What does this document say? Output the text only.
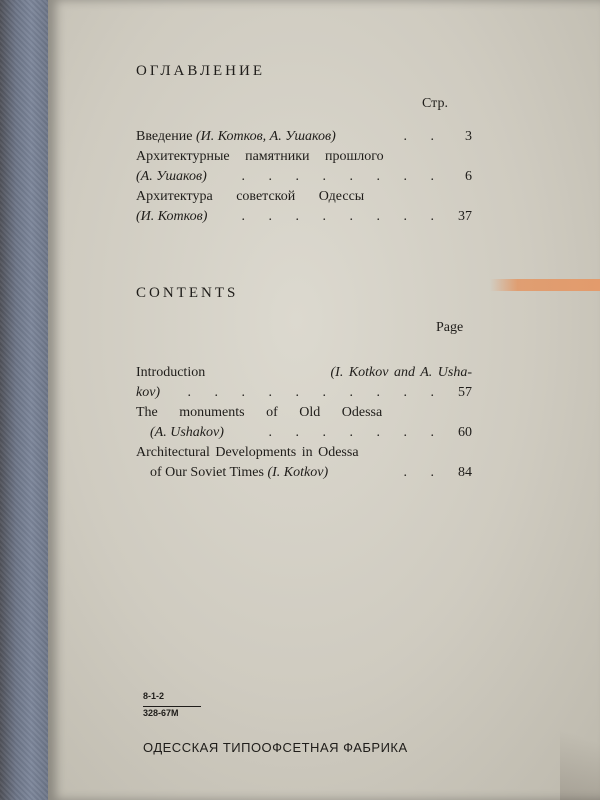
ОГЛАВЛЕНИЕ

Стр.

Введение
(И. Котков, А. Ушаков)	. .	3
Архитектурные памятники прошлого
(А. Ушаков)	. . . . . . . .	6
Архитектура советской Одессы
(И. Котков)	. . . . . . . .	37
CONTENTS

Page

Introduction	(I. Kotkov and A. Usha-
kov)	. . . . . . . . . .	57
The monuments of Old Odessa
(A. Ushakov)	. . . . . . .	60
Architectural Developments in Odessa
of Our Soviet Times
(I. Kotkov)	. .	84

8-1-2

328-67M

ОДЕССКАЯ ТИПООФСЕТНАЯ ФАБРИКА
